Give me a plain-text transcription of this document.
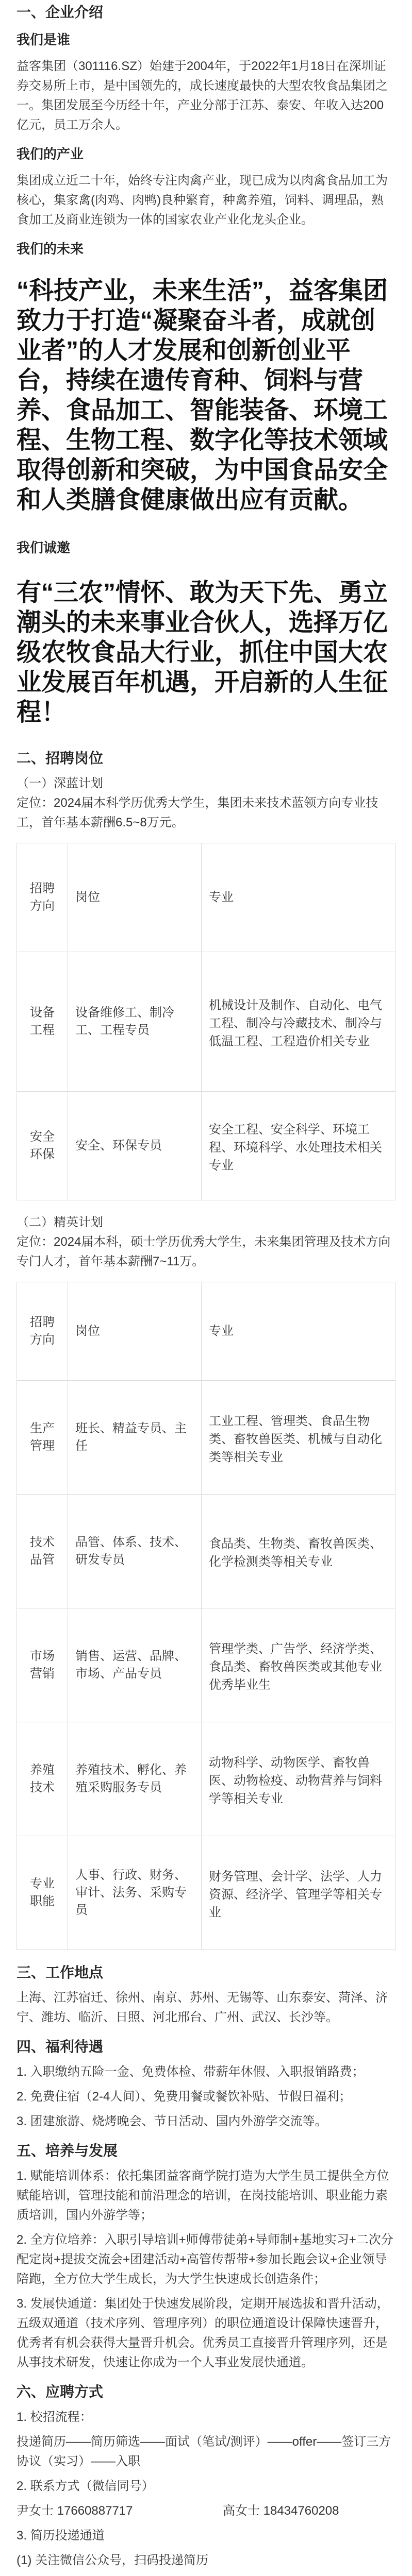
一、企业介绍

我们是谁

益客集团（301116.SZ）始建于2004年，于2022年1月18日在深圳证券交易所上市，是中国领先的，成长速度最快的大型农牧食品集团之一。集团发展至今历经十年，产业分部于江苏、泰安、年收入达200亿元，员工万余人。

我们的产业

集团成立近二十年，始终专注肉禽产业，现已成为以肉禽食品加工为核心，集家禽(肉鸡、肉鸭)良种繁育，种禽养殖，饲料、调理品，熟食加工及商业连锁为一体的国家农业产业化龙头企业。

我们的未来

“科技产业，未来生活”，益客集团致力于打造“凝聚奋斗者，成就创业者”的人才发展和创新创业平台，持续在遗传育种、饲料与营养、食品加工、智能装备、环境工程、生物工程、数字化等技术领域取得创新和突破，为中国食品安全和人类膳食健康做出应有贡献。

我们诚邀

有“三农”情怀、敢为天下先、勇立潮头的未来事业合伙人，选择万亿级农牧食品大行业，抓住中国大农业发展百年机遇，开启新的人生征程！

二、招聘岗位

（一）深蓝计划

定位：2024届本科学历优秀大学生，集团未来技术蓝领方向专业技工，首年基本薪酬6.5~8万元。

招聘方向	岗位	专业
设备工程	设备维修工、制冷工、工程专员	机械设计及制作、自动化、电气工程、制冷与冷藏技术、制冷与低温工程、工程造价相关专业
安全环保	安全、环保专员	安全工程、安全科学、环境工程、环境科学、水处理技术相关专业

（二）精英计划

定位：2024届本科，硕士学历优秀大学生，未来集团管理及技术方向专门人才，首年基本薪酬7~11万。

招聘方向	岗位	专业
生产管理	班长、精益专员、主任	工业工程、管理类、食品生物类、畜牧兽医类、机械与自动化类等相关专业
技术品管	品管、体系、技术、研发专员	食品类、生物类、畜牧兽医类、化学检测类等相关专业
市场营销	销售、运营、品牌、市场、产品专员	管理学类、广告学、经济学类、食品类、畜牧兽医类或其他专业优秀毕业生
养殖技术	养殖技术、孵化、养殖采购服务专员	动物科学、动物医学、畜牧兽医、动物检疫、动物营养与饲料学等相关专业
专业职能	人事、行政、财务、审计、法务、采购专员	财务管理、会计学、法学、人力资源、经济学、管理学等相关专业

三、工作地点

上海、江苏宿迁、徐州、南京、苏州、无锡等、山东泰安、菏泽、济宁、潍坊、临沂、日照、河北邢台、广州、武汉、长沙等。

四、福利待遇

1. 入职缴纳五险一金、免费体检、带薪年休假、入职报销路费；

2. 免费住宿（2-4人间）、免费用餐或餐饮补贴、节假日福利；

3. 团建旅游、烧烤晚会、节日活动、国内外游学交流等。

五、培养与发展

1. 赋能培训体系：依托集团益客商学院打造为大学生员工提供全方位赋能培训，管理技能和前沿理念的培训，在岗技能培训、职业能力素质培训，国内外游学等；

2. 全方位培养：入职引导培训+师傅带徒弟+导师制+基地实习+二次分配定岗+提拔交流会+团建活动+高管传帮带+参加长跑会议+企业领导陪跑，全方位大学生成长，为大学生快速成长创造条件；

3. 发展快通道：集团处于快速发展阶段，定期开展选拔和晋升活动，五级双通道（技术序列、管理序列）的职位通道设计保障快速晋升，优秀者有机会获得大量晋升机会。优秀员工直接晋升管理序列，还是从事技术研发，快速让你成为一个人事业发展快通道。

六、应聘方式

1. 校招流程：

投递简历——简历筛选——面试（笔试/测评）——offer——签订三方协议（实习）——入职

2. 联系方式（微信同号）

尹女士 17660887717	高女士 18434760208

3. 简历投递通道

(1) 关注微信公众号，扫码投递简历
